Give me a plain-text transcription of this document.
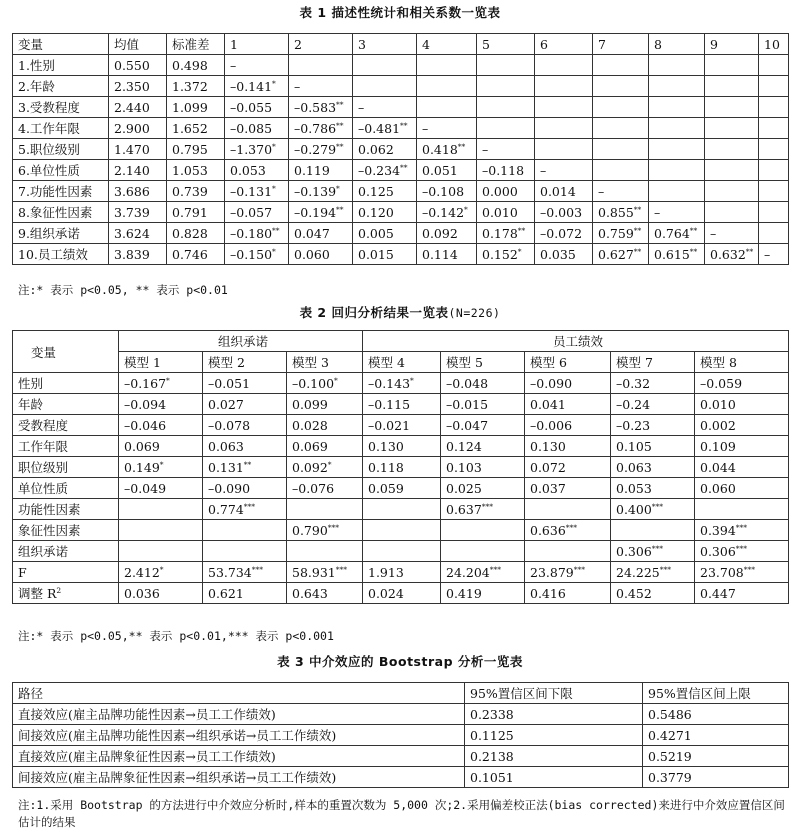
表 1 描述性统计和相关系数一览表
变量	均值	标准差	1	2	3	4	5	6	7	8	9	10
1.性别	0.550	0.498	–									
2.年龄	2.350	1.372	–0.141*	–								
3.受教程度	2.440	1.099	–0.055	–0.583**	–							
4.工作年限	2.900	1.652	–0.085	–0.786**	–0.481**	–						
5.职位级别	1.470	0.795	–1.370*	–0.279**	0.062	0.418**	–					
6.单位性质	2.140	1.053	0.053	0.119	–0.234**	0.051	–0.118	–				
7.功能性因素	3.686	0.739	–0.131*	–0.139*	0.125	–0.108	0.000	0.014	–			
8.象征性因素	3.739	0.791	–0.057	–0.194**	0.120	–0.142*	0.010	–0.003	0.855**	–		
9.组织承诺	3.624	0.828	–0.180**	0.047	0.005	0.092	0.178**	–0.072	0.759**	0.764**	–	
10.员工绩效	3.839	0.746	–0.150*	0.060	0.015	0.114	0.152*	0.035	0.627**	0.615**	0.632**	–
注:* 表示 p<0.05, ** 表示 p<0.01
表 2 回归分析结果一览表(N=226)
变量	组织承诺			员工绩效				
	模型 1	模型 2	模型 3	模型 4	模型 5	模型 6	模型 7	模型 8
性别	–0.167*	–0.051	–0.100*	–0.143*	–0.048	–0.090	–0.32	–0.059
年龄	–0.094	0.027	0.099	–0.115	–0.015	0.041	–0.24	0.010
受教程度	–0.046	–0.078	0.028	–0.021	–0.047	–0.006	–0.23	0.002
工作年限	0.069	0.063	0.069	0.130	0.124	0.130	0.105	0.109
职位级别	0.149*	0.131**	0.092*	0.118	0.103	0.072	0.063	0.044
单位性质	–0.049	–0.090	–0.076	0.059	0.025	0.037	0.053	0.060
功能性因素		0.774***			0.637***		0.400***	
象征性因素			0.790***			0.636***		0.394***
组织承诺							0.306***	0.306***
F	2.412*	53.734***	58.931***	1.913	24.204***	23.879***	24.225***	23.708***
调整 $R^2$	0.036	0.621	0.643	0.024	0.419	0.416	0.452	0.447
注:* 表示 p<0.05,** 表示 p<0.01,*** 表示 p<0.001
表 3 中介效应的 Bootstrap 分析一览表
路径	95%置信区间下限	95%置信区间上限
直接效应(雇主品牌功能性因素→员工工作绩效)	0.2338	0.5486
间接效应(雇主品牌功能性因素→组织承诺→员工工作绩效)	0.1125	0.4271
直接效应(雇主品牌象征性因素→员工工作绩效)	0.2138	0.5219
间接效应(雇主品牌象征性因素→组织承诺→员工工作绩效)	0.1051	0.3779
注:1.采用 Bootstrap 的方法进行中介效应分析时,样本的重置次数为 5,000 次;2.采用偏差校正法(bias corrected)来进行中介效应置信区间估计的结果
